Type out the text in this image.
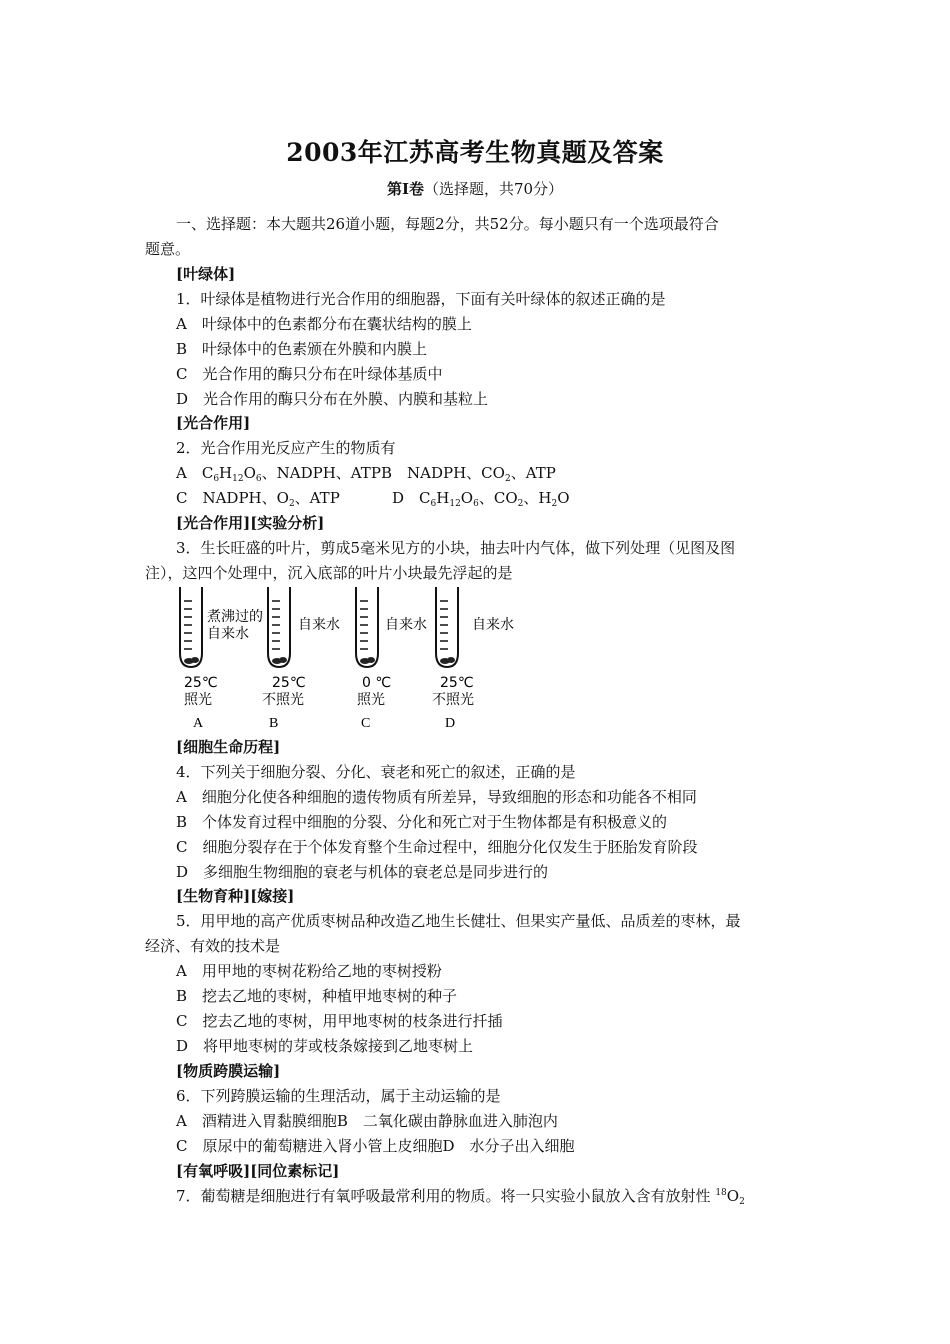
2003年江苏高考生物真题及答案
第Ⅰ卷（选择题，共70分）
一、选择题：本大题共26道小题，每题2分，共52分。每小题只有一个选项最符合
题意。
[叶绿体]
1．叶绿体是植物进行光合作用的细胞器，下面有关叶绿体的叙述正确的是
A　叶绿体中的色素都分布在囊状结构的膜上
B　叶绿体中的色素颁在外膜和内膜上
C　光合作用的酶只分布在叶绿体基质中
D　光合作用的酶只分布在外膜、内膜和基粒上
[光合作用]
2．光合作用光反应产生的物质有
A　$C_6H_{12}O_6$、NADPH、ATP B　NADPH、$CO_2$、ATP
C　NADPH、$O_2$、ATP	D　$C_6H_{12}O_6$、$CO_2$、$H_2O$
[光合作用][实验分析]
3．生长旺盛的叶片，剪成5毫米见方的小块，抽去叶内气体，做下列处理（见图及图
注），这四个处理中，沉入底部的叶片小块最先浮起的是
煮沸过的
自来水
自来水	自来水	自来水
25℃	25℃	0 ℃	25℃
照光	不照光	照光	不照光
A	B	C	D
[细胞生命历程]
4．下列关于细胞分裂、分化、衰老和死亡的叙述，正确的是
A　细胞分化使各种细胞的遗传物质有所差异，导致细胞的形态和功能各不相同
B　个体发育过程中细胞的分裂、分化和死亡对于生物体都是有积极意义的
C　细胞分裂存在于个体发育整个生命过程中，细胞分化仅发生于胚胎发育阶段
D　多细胞生物细胞的衰老与机体的衰老总是同步进行的
[生物育种][嫁接]
5．用甲地的高产优质枣树品种改造乙地生长健壮、但果实产量低、品质差的枣林，最
经济、有效的技术是
A　用甲地的枣树花粉给乙地的枣树授粉
B　挖去乙地的枣树，种植甲地枣树的种子
C　挖去乙地的枣树，用甲地枣树的枝条进行扦插
D　将甲地枣树的芽或枝条嫁接到乙地枣树上
[物质跨膜运输]
6．下列跨膜运输的生理活动，属于主动运输的是
A　酒精进入胃黏膜细胞B　二氧化碳由静脉血进入肺泡内
C　原尿中的葡萄糖进入肾小管上皮细胞D　水分子出入细胞
[有氧呼吸][同位素标记]
7．葡萄糖是细胞进行有氧呼吸最常利用的物质。将一只实验小鼠放入含有放射性 $^{18}O_2$
